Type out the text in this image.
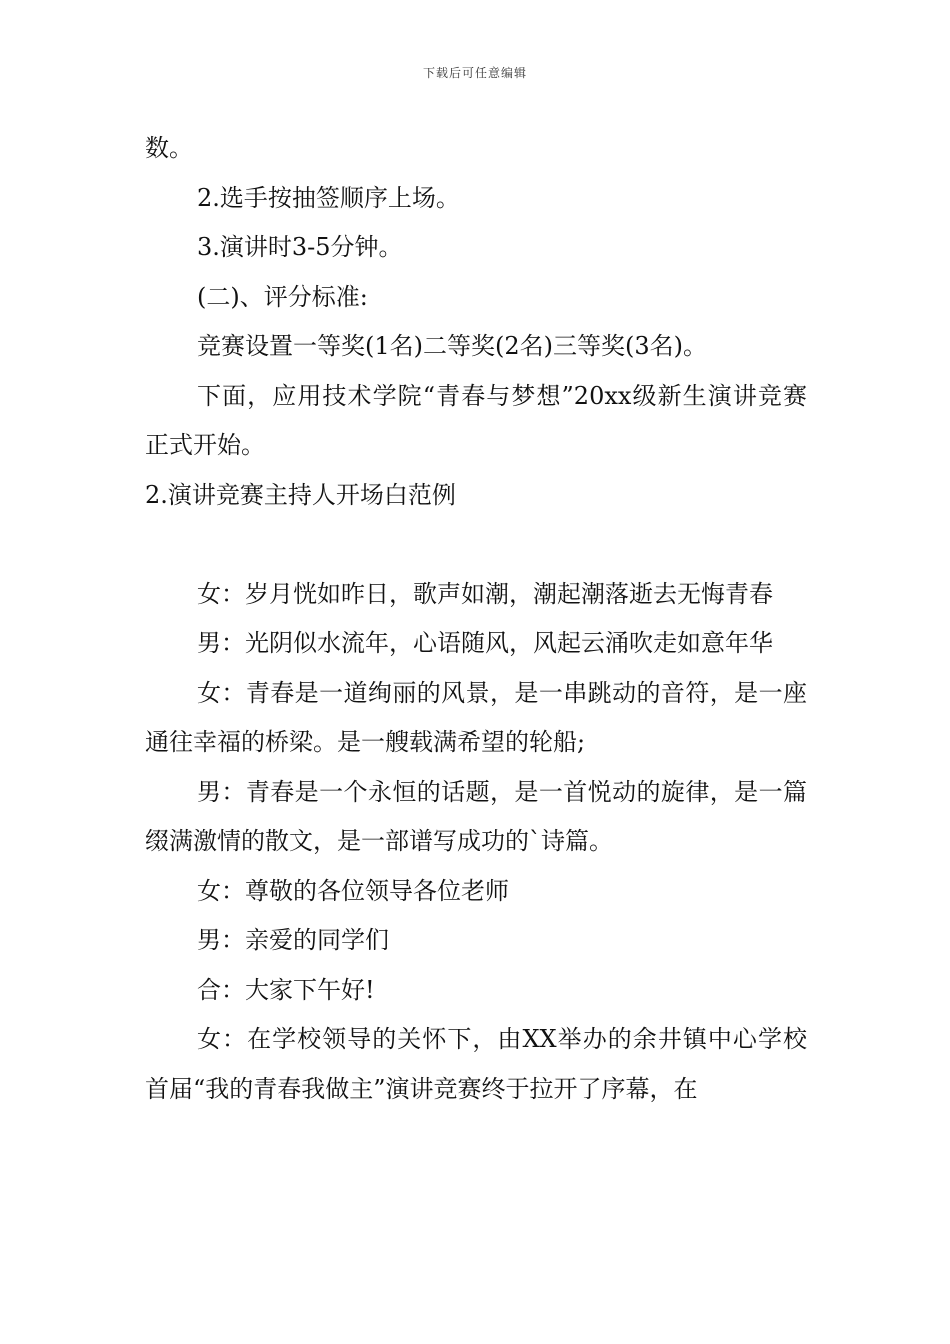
下载后可任意编辑

数。

2.选手按抽签顺序上场。

3.演讲时3-5分钟。

(二)、评分标准:

竞赛设置一等奖(1名)二等奖(2名)三等奖(3名)。

下面，应用技术学院“青春与梦想”20xx级新生演讲竞赛正式开始。

2.演讲竞赛主持人开场白范例

女：岁月恍如昨日，歌声如潮，潮起潮落逝去无悔青春

男：光阴似水流年，心语随风，风起云涌吹走如意年华

女：青春是一道绚丽的风景，是一串跳动的音符，是一座通往幸福的桥梁。是一艘载满希望的轮船;

男：青春是一个永恒的话题，是一首悦动的旋律，是一篇缀满激情的散文，是一部谱写成功的`诗篇。

女：尊敬的各位领导各位老师

男：亲爱的同学们

合：大家下午好!

女：在学校领导的关怀下，由XX举办的余井镇中心学校首届“我的青春我做主”演讲竞赛终于拉开了序幕，在
